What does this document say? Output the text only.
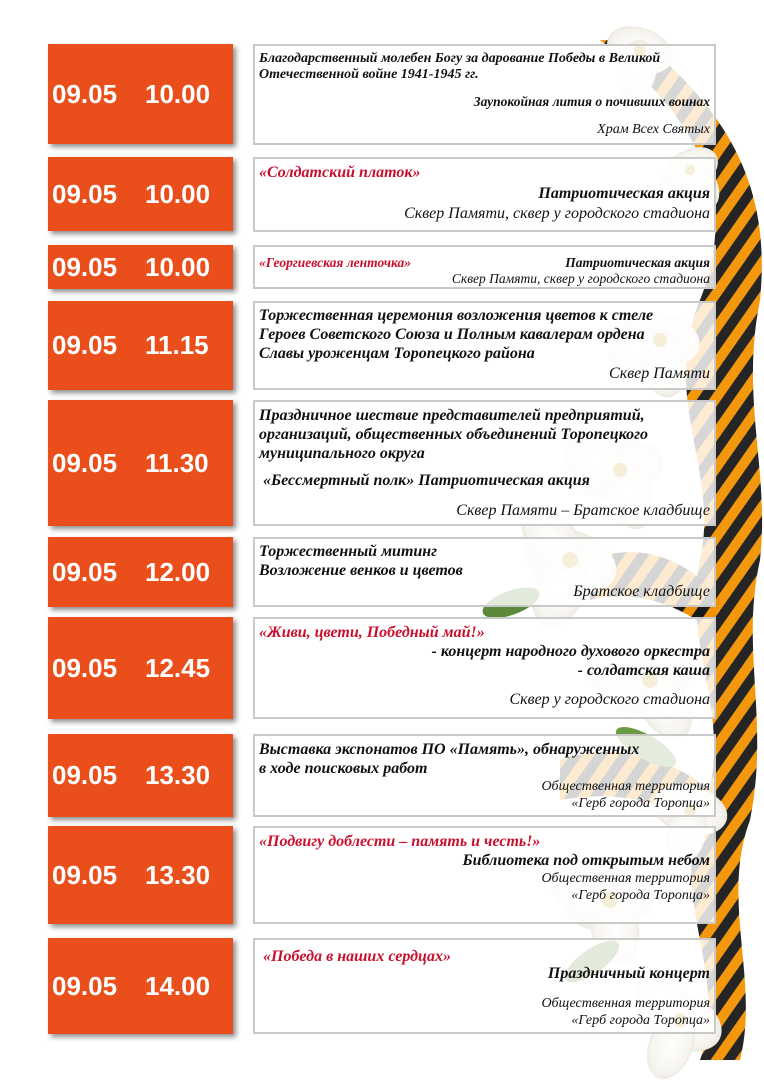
09.05 10.00
Благодарственный молебен Богу за дарование Победы в Великой
Отечественной войне 1941-1945 гг.
Заупокойная лития о почивших воинах
Храм Всех Святых
09.05 10.00
«Солдатский платок»
Патриотическая акция
Сквер Памяти, сквер у городского стадиона
09.05 10.00	«Георгиевская ленточка»	Патриотическая акция
Сквер Памяти, сквер у городского стадиона
09.05 11.15
Торжественная церемония возложения цветов к стеле
Героев Советского Союза и Полным кавалерам ордена
Славы уроженцам Торопецкого района
Сквер Памяти
09.05 11.30
Праздничное шествие представителей предприятий,
организаций, общественных объединений Торопецкого
муниципального округа
«Бессмертный полк» Патриотическая акция
Сквер Памяти – Братское кладбище
09.05 12.00
Торжественный митинг
Возложение венков и цветов
Братское кладбище
09.05 12.45
«Живи, цвети, Победный май!»
- концерт народного духового оркестра
- солдатская каша
Сквер у городского стадиона
09.05 13.30
Выставка экспонатов ПО «Память», обнаруженных
в ходе поисковых работ
Общественная территория
«Герб города Торопца»
09.05 13.30
«Подвигу доблести – память и честь!»
Библиотека под открытым небом
Общественная территория
«Герб города Торопца»
09.05 14.00
«Победа в наших сердцах»
Праздничный концерт
Общественная территория
«Герб города Торопца»
